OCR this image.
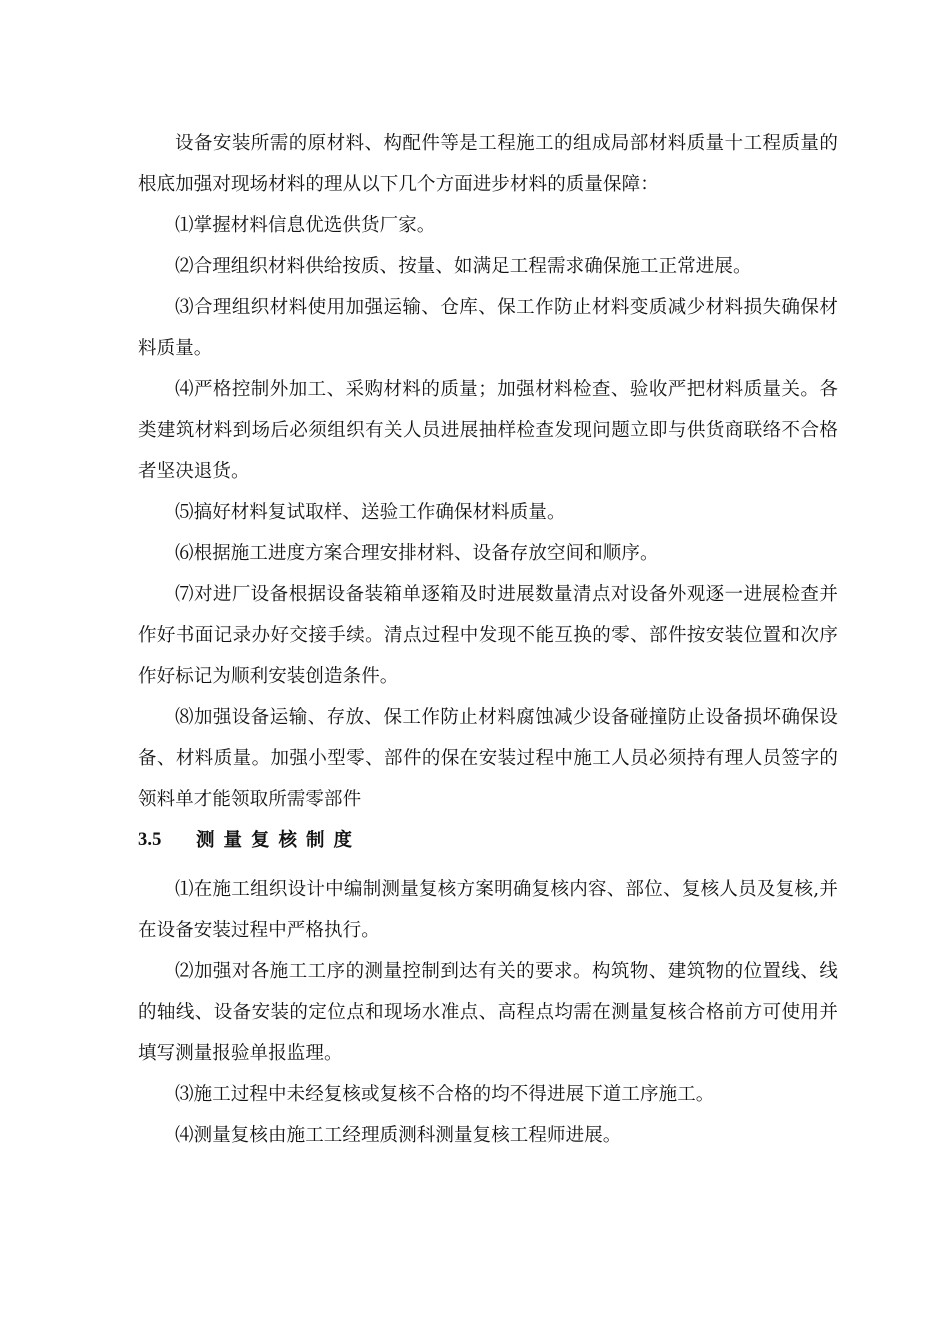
设备安装所需的原材料、构配件等是工程施工的组成局部材料质量十工程质量的根底加强对现场材料的理从以下几个方面进步材料的质量保障：

⑴掌握材料信息优选供货厂家。

⑵合理组织材料供给按质、按量、如满足工程需求确保施工正常进展。

⑶合理组织材料使用加强运输、仓库、保工作防止材料变质减少材料损失确保材料质量。

⑷严格控制外加工、采购材料的质量；加强材料检查、验收严把材料质量关。各类建筑材料到场后必须组织有关人员进展抽样检查发现问题立即与供货商联络不合格者坚决退货。

⑸搞好材料复试取样、送验工作确保材料质量。

⑹根据施工进度方案合理安排材料、设备存放空间和顺序。

⑺对进厂设备根据设备装箱单逐箱及时进展数量清点对设备外观逐一进展检查并作好书面记录办好交接手续。清点过程中发现不能互换的零、部件按安装位置和次序作好标记为顺利安装创造条件。

⑻加强设备运输、存放、保工作防止材料腐蚀减少设备碰撞防止设备损坏确保设备、材料质量。加强小型零、部件的保在安装过程中施工人员必须持有理人员签字的领料单才能领取所需零部件

3.5	测量复核制度

⑴在施工组织设计中编制测量复核方案明确复核内容、部位、复核人员及复核,并在设备安装过程中严格执行。

⑵加强对各施工工序的测量控制到达有关的要求。构筑物、建筑物的位置线、线的轴线、设备安装的定位点和现场水准点、高程点均需在测量复核合格前方可使用并填写测量报验单报监理。

⑶施工过程中未经复核或复核不合格的均不得进展下道工序施工。

⑷测量复核由施工工经理质测科测量复核工程师进展。
